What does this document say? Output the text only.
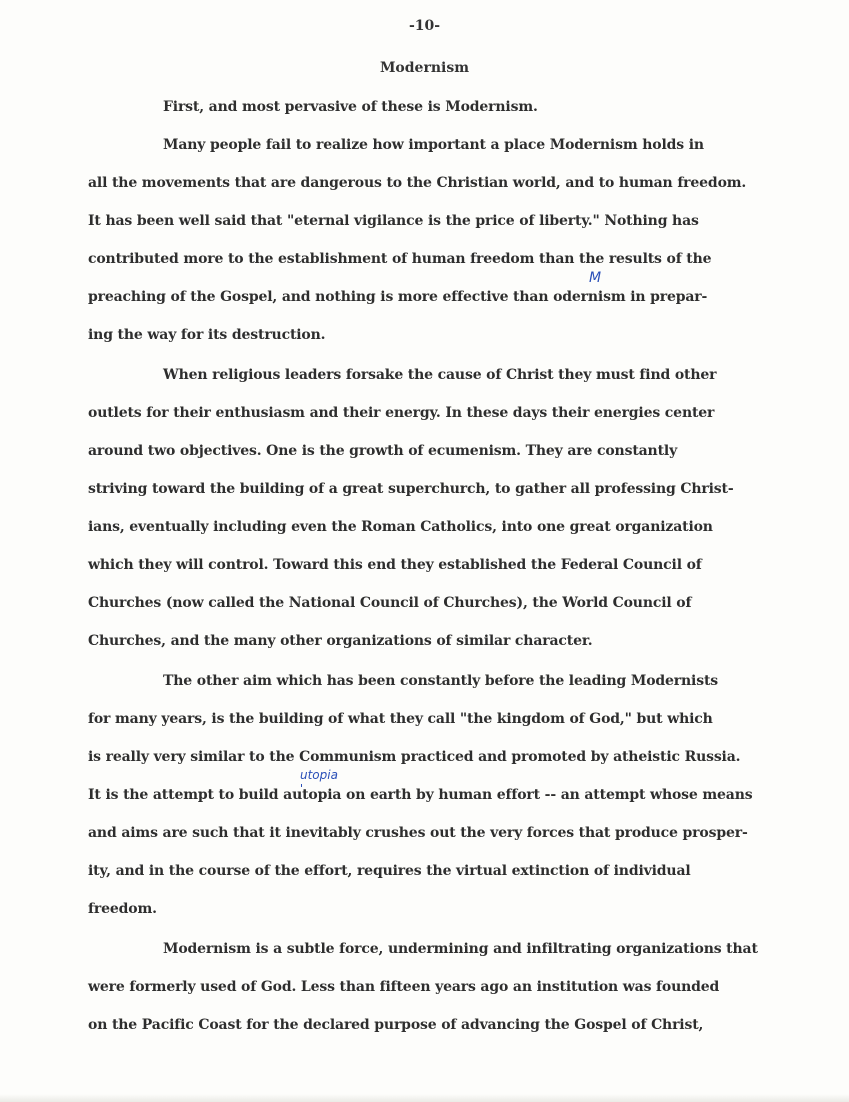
-10-
Modernism
First, and most pervasive of these is Modernism.
Many people fail to realize how important a place Modernism holds in
all the movements that are dangerous to the Christian world, and to human freedom.
It has been well said that "eternal vigilance is the price of liberty." Nothing has
contributed more to the establishment of human freedom than the results of the
preaching of the Gospel, and nothing is more effective than odernism in prepar-
ing the way for its destruction.
When religious leaders forsake the cause of Christ they must find other
outlets for their enthusiasm and their energy. In these days their energies center
around two objectives. One is the growth of ecumenism. They are constantly
striving toward the building of a great superchurch, to gather all professing Christ-
ians, eventually including even the Roman Catholics, into one great organization
which they will control. Toward this end they established the Federal Council of
Churches (now called the National Council of Churches), the World Council of
Churches, and the many other organizations of similar character.
The other aim which has been constantly before the leading Modernists
for many years, is the building of what they call "the kingdom of God," but which
is really very similar to the Communism practiced and promoted by atheistic Russia.
It is the attempt to build autopia on earth by human effort -- an attempt whose means
and aims are such that it inevitably crushes out the very forces that produce prosper-
ity, and in the course of the effort, requires the virtual extinction of individual
freedom.
Modernism is a subtle force, undermining and infiltrating organizations that
were formerly used of God. Less than fifteen years ago an institution was founded
on the Pacific Coast for the declared purpose of advancing the Gospel of Christ,
M
utopia
